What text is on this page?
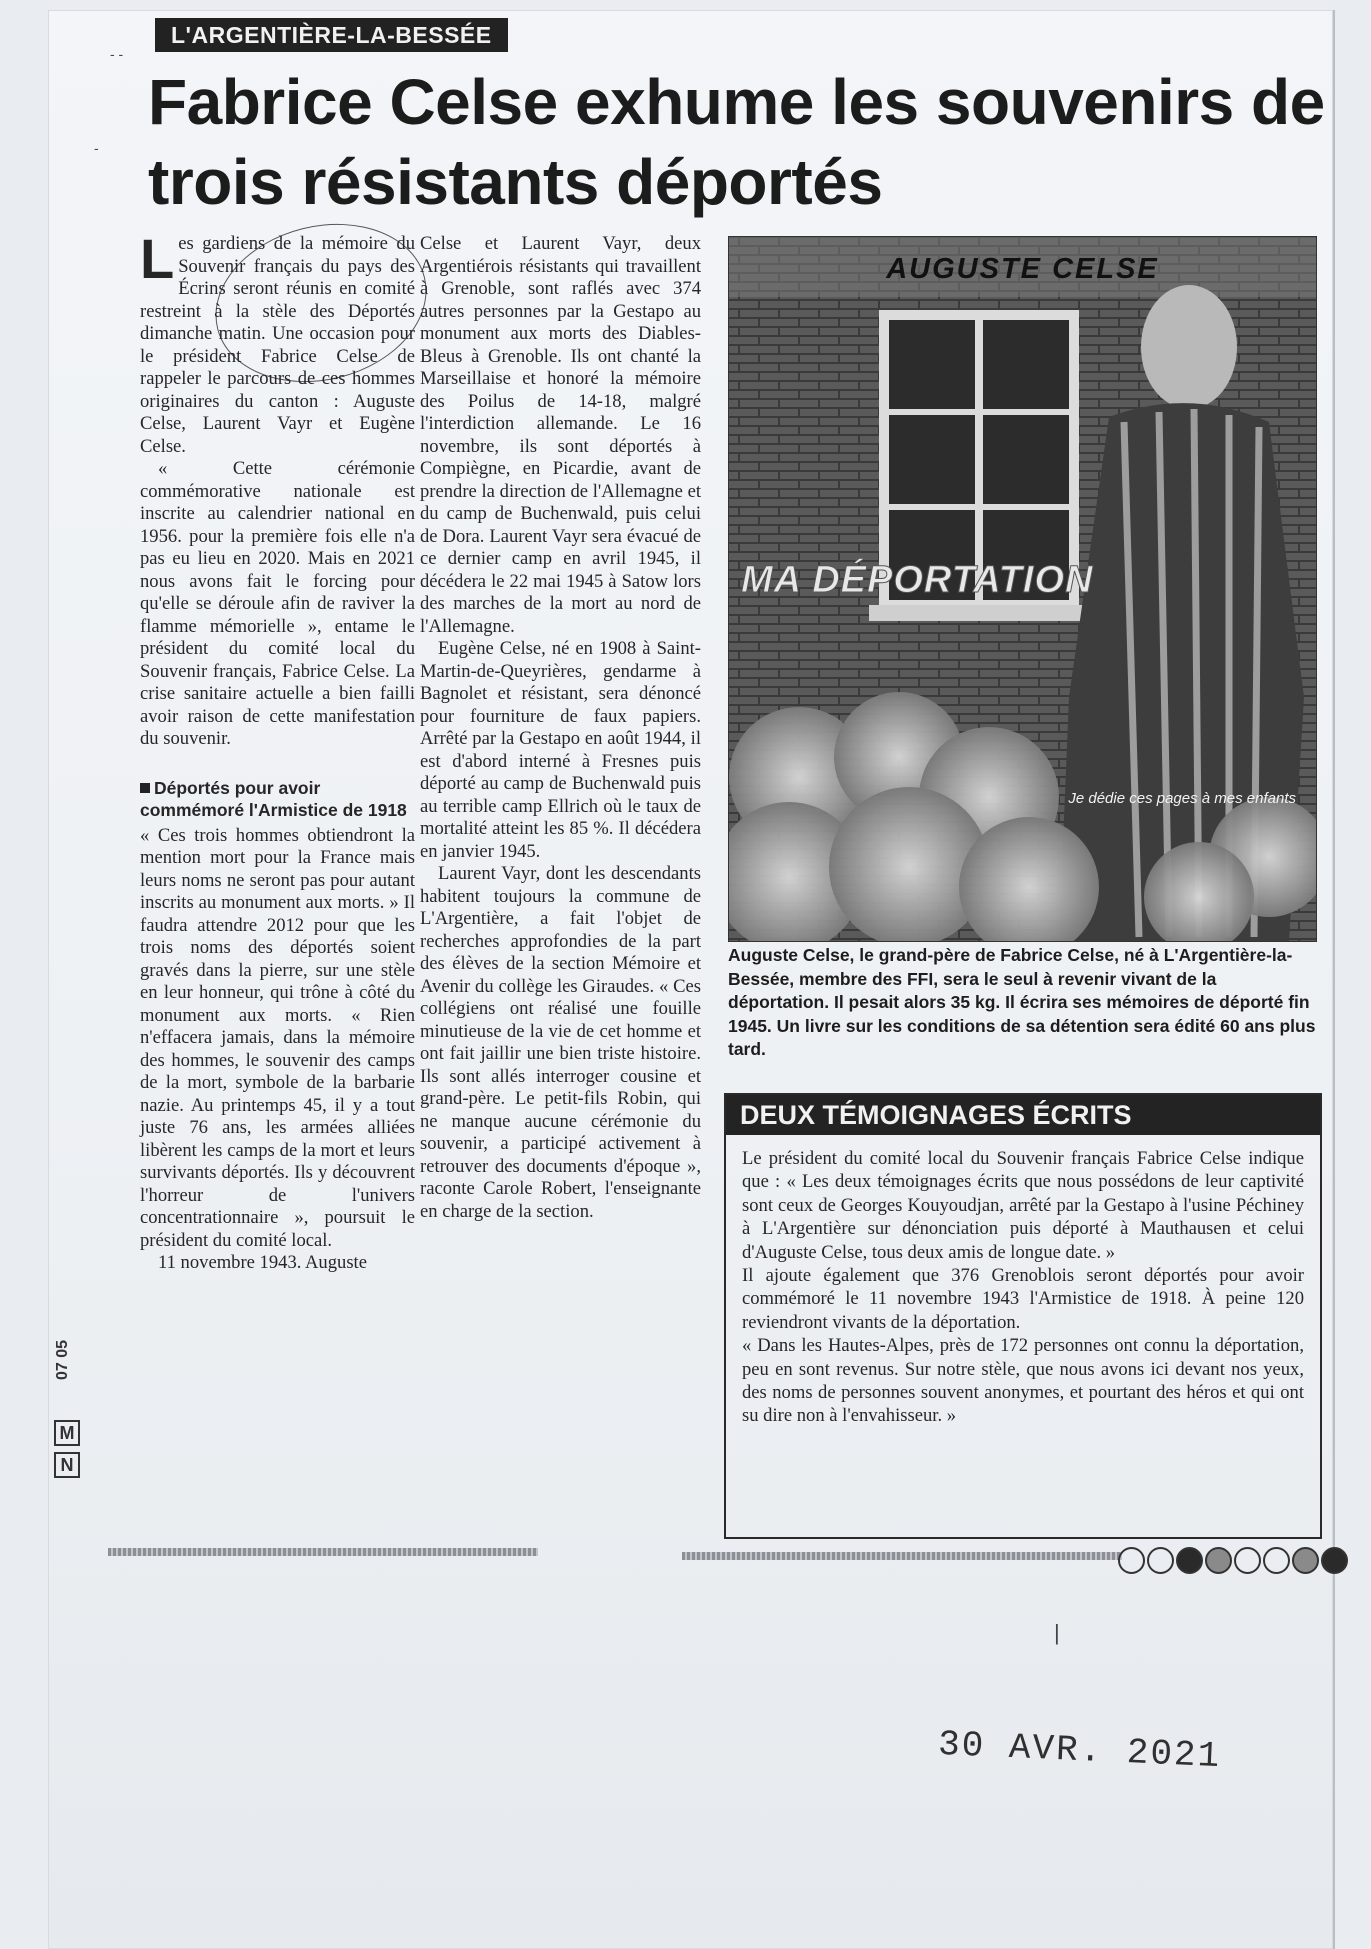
L'ARGENTIÈRE-LA-BESSÉE
Fabrice Celse exhume les souvenirs de trois résistants déportés
L es gardiens de la mémoire du Souvenir français du pays des Écrins seront réunis en comité restreint à la stèle des Déportés dimanche matin. Une occasion pour le président Fabrice Celse de rappeler le parcours de ces hommes originaires du canton : Auguste Celse, Laurent Vayr et Eugène Celse.

« Cette cérémonie commémorative nationale est inscrite au calendrier national en 1956. pour la première fois elle n'a pas eu lieu en 2020. Mais en 2021 nous avons fait le forcing pour qu'elle se déroule afin de raviver la flamme mémorielle », entame le président du comité local du Souvenir français, Fabrice Celse. La crise sanitaire actuelle a bien failli avoir raison de cette manifestation du souvenir.

Déportés pour avoir commémoré l'Armistice de 1918

« Ces trois hommes obtiendront la mention mort pour la France mais leurs noms ne seront pas pour autant inscrits au monument aux morts. » Il faudra attendre 2012 pour que les trois noms des déportés soient gravés dans la pierre, sur une stèle en leur honneur, qui trône à côté du monument aux morts. « Rien n'effacera jamais, dans la mémoire des hommes, le souvenir des camps de la mort, symbole de la barbarie nazie. Au printemps 45, il y a tout juste 76 ans, les armées alliées libèrent les camps de la mort et leurs survivants déportés. Ils y découvrent l'horreur de l'univers concentrationnaire », poursuit le président du comité local.

11 novembre 1943. Auguste

Celse et Laurent Vayr, deux Argentiérois résistants qui travaillent à Grenoble, sont raflés avec 374 autres personnes par la Gestapo au monument aux morts des Diables-Bleus à Grenoble. Ils ont chanté la Marseillaise et honoré la mémoire des Poilus de 14-18, malgré l'interdiction allemande. Le 16 novembre, ils sont déportés à Compiègne, en Picardie, avant de prendre la direction de l'Allemagne et du camp de Buchenwald, puis celui de Dora. Laurent Vayr sera évacué de ce dernier camp en avril 1945, il décédera le 22 mai 1945 à Satow lors des marches de la mort au nord de l'Allemagne.

Eugène Celse, né en 1908 à Saint-Martin-de-Queyrières, gendarme à Bagnolet et résistant, sera dénoncé pour fourniture de faux papiers. Arrêté par la Gestapo en août 1944, il est d'abord interné à Fresnes puis déporté au camp de Buchenwald puis au terrible camp Ellrich où le taux de mortalité atteint les 85 %. Il décédera en janvier 1945.

Laurent Vayr, dont les descendants habitent toujours la commune de L'Argentière, a fait l'objet de recherches approfondies de la part des élèves de la section Mémoire et Avenir du collège les Giraudes. « Ces collégiens ont réalisé une fouille minutieuse de la vie de cet homme et ont fait jaillir une bien triste histoire. Ils sont allés interroger cousine et grand-père. Le petit-fils Robin, qui ne manque aucune cérémonie du souvenir, a participé activement à retrouver des documents d'époque », raconte Carole Robert, l'enseignante en charge de la section.

AUGUSTE CELSE
MA DÉPORTATION
Je dédie ces pages à mes enfants
Auguste Celse, le grand-père de Fabrice Celse, né à L'Argentière-la-Bessée, membre des FFI, sera le seul à revenir vivant de la déportation. Il pesait alors 35 kg. Il écrira ses mémoires de déporté fin 1945. Un livre sur les conditions de sa détention sera édité 60 ans plus tard.
DEUX TÉMOIGNAGES ÉCRITS

Le président du comité local du Souvenir français Fabrice Celse indique que : « Les deux témoignages écrits que nous possédons de leur captivité sont ceux de Georges Kouyoudjan, arrêté par la Gestapo à l'usine Péchiney à L'Argentière sur dénonciation puis déporté à Mauthausen et celui d'Auguste Celse, tous deux amis de longue date. »

Il ajoute également que 376 Grenoblois seront déportés pour avoir commémoré le 11 novembre 1943 l'Armistice de 1918. À peine 120 reviendront vivants de la déportation.

« Dans les Hautes-Alpes, près de 172 personnes ont connu la déportation, peu en sont revenus. Sur notre stèle, que nous avons ici devant nos yeux, des noms de personnes souvent anonymes, et pourtant des héros et qui ont su dire non à l'envahisseur. »

07 05
M
N
- -
-
|
30 AVR. 2021
